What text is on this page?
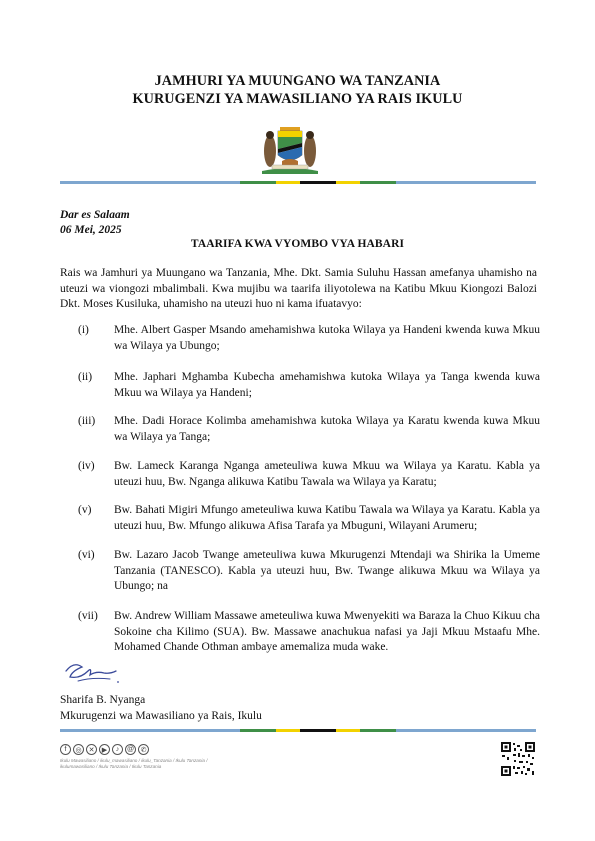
JAMHURI YA MUUNGANO WA TANZANIA
KURUGENZI YA MAWASILIANO YA RAIS IKULU
Dar es Salaam
06 Mei, 2025
TAARIFA KWA VYOMBO VYA HABARI
Rais wa Jamhuri ya Muungano wa Tanzania, Mhe. Dkt. Samia Suluhu Hassan amefanya uhamisho na uteuzi wa viongozi mbalimbali. Kwa mujibu wa taarifa iliyotolewa na Katibu Mkuu Kiongozi Balozi Dkt. Moses Kusiluka, uhamisho na uteuzi huo ni kama ifuatavyo:
(i) Mhe. Albert Gasper Msando amehamishwa kutoka Wilaya ya Handeni kwenda kuwa Mkuu wa Wilaya ya Ubungo;
(ii) Mhe. Japhari Mghamba Kubecha amehamishwa kutoka Wilaya ya Tanga kwenda kuwa Mkuu wa Wilaya ya Handeni;
(iii) Mhe. Dadi Horace Kolimba amehamishwa kutoka Wilaya ya Karatu kwenda kuwa Mkuu wa Wilaya ya Tanga;
(iv) Bw. Lameck Karanga Nganga ameteuliwa kuwa Mkuu wa Wilaya ya Karatu. Kabla ya uteuzi huu, Bw. Nganga alikuwa Katibu Tawala wa Wilaya ya Karatu;
(v) Bw. Bahati Migiri Mfungo ameteuliwa kuwa Katibu Tawala wa Wilaya ya Karatu. Kabla ya uteuzi huu, Bw. Mfungo alikuwa Afisa Tarafa ya Mbuguni, Wilayani Arumeru;
(vi) Bw. Lazaro Jacob Twange ameteuliwa kuwa Mkurugenzi Mtendaji wa Shirika la Umeme Tanzania (TANESCO). Kabla ya uteuzi huu, Bw. Twange alikuwa Mkuu wa Wilaya ya Ubungo; na
(vii) Bw. Andrew William Massawe ameteuliwa kuwa Mwenyekiti wa Baraza la Chuo Kikuu cha Sokoine cha Kilimo (SUA). Bw. Massawe anachukua nafasi ya Jaji Mkuu Mstaafu Mhe. Mohamed Chande Othman ambaye amemaliza muda wake.
Sharifa B. Nyanga
Mkurugenzi wa Mawasiliano ya Rais, Ikulu
f	◎	✕	▶	♪	@ ✆
Ikulu Mawasiliano / ikulu_mawasiliano / ikulu_Tanzania / Ikulu Tanzania / ikulumawasiliano / Ikulu Tanzania / Ikulu Tanzania
